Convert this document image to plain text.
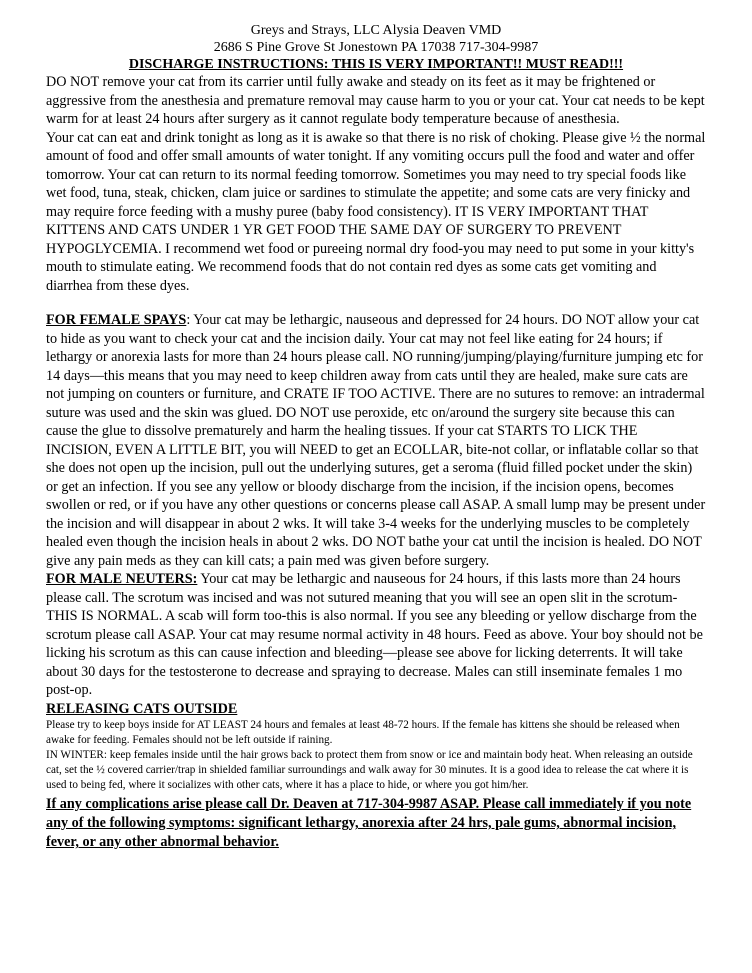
Greys and Strays, LLC Alysia Deaven VMD
2686 S Pine Grove St Jonestown PA 17038 717-304-9987
DISCHARGE INSTRUCTIONS: THIS IS VERY IMPORTANT!! MUST READ!!!

DO NOT remove your cat from its carrier until fully awake and steady on its feet as it may be frightened or aggressive from the anesthesia and premature removal may cause harm to you or your cat. Your cat needs to be kept warm for at least 24 hours after surgery as it cannot regulate body temperature because of anesthesia.

Your cat can eat and drink tonight as long as it is awake so that there is no risk of choking. Please give ½ the normal amount of food and offer small amounts of water tonight. If any vomiting occurs pull the food and water and offer tomorrow. Your cat can return to its normal feeding tomorrow. Sometimes you may need to try special foods like wet food, tuna, steak, chicken, clam juice or sardines to stimulate the appetite; and some cats are very finicky and may require force feeding with a mushy puree (baby food consistency). IT IS VERY IMPORTANT THAT KITTENS AND CATS UNDER 1 YR GET FOOD THE SAME DAY OF SURGERY TO PREVENT HYPOGLYCEMIA. I recommend wet food or pureeing normal dry food-you may need to put some in your kitty's mouth to stimulate eating. We recommend foods that do not contain red dyes as some cats get vomiting and diarrhea from these dyes.

FOR FEMALE SPAYS: Your cat may be lethargic, nauseous and depressed for 24 hours. DO NOT allow your cat to hide as you want to check your cat and the incision daily. Your cat may not feel like eating for 24 hours; if lethargy or anorexia lasts for more than 24 hours please call. NO running/jumping/playing/furniture jumping etc for 14 days—this means that you may need to keep children away from cats until they are healed, make sure cats are not jumping on counters or furniture, and CRATE IF TOO ACTIVE. There are no sutures to remove: an intradermal suture was used and the skin was glued. DO NOT use peroxide, etc on/around the surgery site because this can cause the glue to dissolve prematurely and harm the healing tissues. If your cat STARTS TO LICK THE INCISION, EVEN A LITTLE BIT, you will NEED to get an ECOLLAR, bite-not collar, or inflatable collar so that she does not open up the incision, pull out the underlying sutures, get a seroma (fluid filled pocket under the skin) or get an infection. If you see any yellow or bloody discharge from the incision, if the incision opens, becomes swollen or red, or if you have any other questions or concerns please call ASAP. A small lump may be present under the incision and will disappear in about 2 wks. It will take 3-4 weeks for the underlying muscles to be completely healed even though the incision heals in about 2 wks. DO NOT bathe your cat until the incision is healed. DO NOT give any pain meds as they can kill cats; a pain med was given before surgery.

FOR MALE NEUTERS: Your cat may be lethargic and nauseous for 24 hours, if this lasts more than 24 hours please call. The scrotum was incised and was not sutured meaning that you will see an open slit in the scrotum-THIS IS NORMAL. A scab will form too-this is also normal. If you see any bleeding or yellow discharge from the scrotum please call ASAP. Your cat may resume normal activity in 48 hours. Feed as above. Your boy should not be licking his scrotum as this can cause infection and bleeding—please see above for licking deterrents. It will take about 30 days for the testosterone to decrease and spraying to decrease. Males can still inseminate females 1 mo post-op.

RELEASING CATS OUTSIDE

Please try to keep boys inside for AT LEAST 24 hours and females at least 48-72 hours. If the female has kittens she should be released when awake for feeding. Females should not be left outside if raining.

IN WINTER: keep females inside until the hair grows back to protect them from snow or ice and maintain body heat. When releasing an outside cat, set the ½ covered carrier/trap in shielded familiar surroundings and walk away for 30 minutes. It is a good idea to release the cat where it is used to being fed, where it socializes with other cats, where it has a place to hide, or where you got him/her.

If any complications arise please call Dr. Deaven at 717-304-9987 ASAP. Please call immediately if you note any of the following symptoms: significant lethargy, anorexia after 24 hrs, pale gums, abnormal incision, fever, or any other abnormal behavior.
